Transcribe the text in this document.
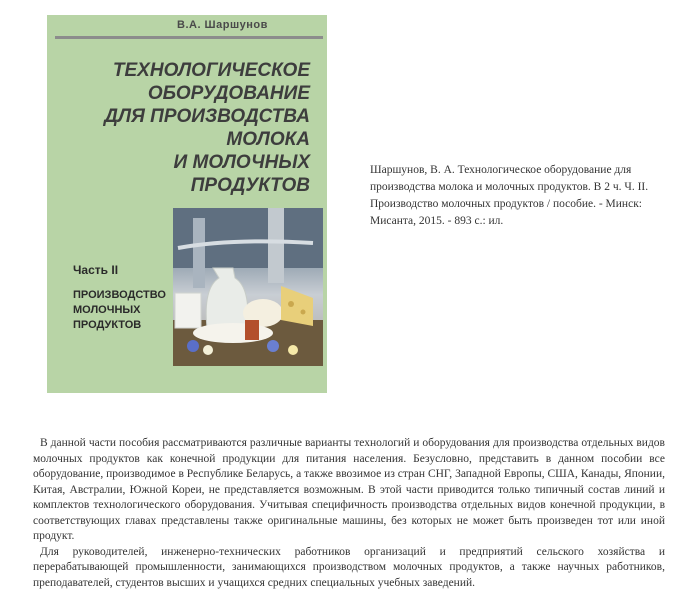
В.А. Шаршунов
ТЕХНОЛОГИЧЕСКОЕ
ОБОРУДОВАНИЕ
ДЛЯ ПРОИЗВОДСТВА
МОЛОКА
И МОЛОЧНЫХ
ПРОДУКТОВ
Часть II
ПРОИЗВОДСТВО
МОЛОЧНЫХ
ПРОДУКТОВ
Шаршунов, В. А. Технологическое оборудование для производства молока и молочных продуктов. В 2 ч. Ч. II. Производство молочных продуктов / пособие. - Минск: Мисанта, 2015. - 893 с.: ил.

В данной части пособия рассматриваются различные варианты технологий и оборудования для производства отдельных видов молочных продуктов как конечной продукции для питания населения. Безусловно, представить в данном пособии все оборудование, производимое в Республике Беларусь, а также ввозимое из стран СНГ, Западной Европы, США, Канады, Японии, Китая, Австралии, Южной Кореи, не представляется возможным. В этой части приводится только типичный состав линий и комплектов технологического оборудования. Учитывая специфичность производства отдельных видов конечной продукции, в соответствующих главах представлены также оригинальные машины, без которых не может быть произведен тот или иной продукт.

Для руководителей, инженерно-технических работников организаций и предприятий сельского хозяйства и перерабатывающей промышленности, занимающихся производством молочных продуктов, а также научных работников, преподавателей, студентов высших и учащихся средних специальных учебных заведений.
